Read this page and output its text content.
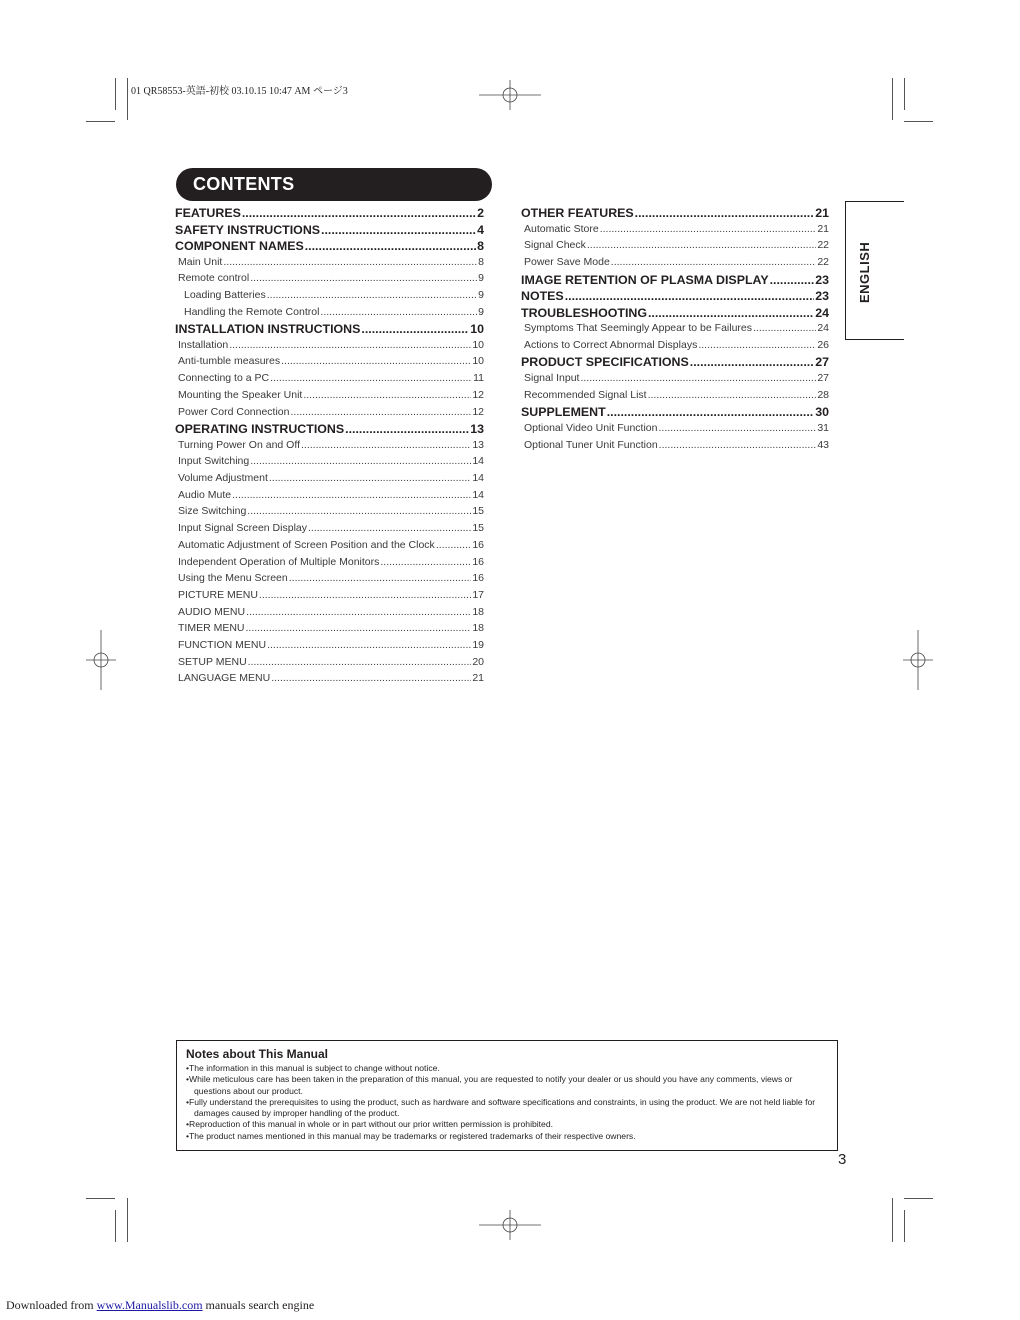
01 QR58553-英語-初校 03.10.15 10:47 AM ページ3
CONTENTS
FEATURES .....	2
SAFETY INSTRUCTIONS .....	4
COMPONENT NAMES .....	8
Main Unit .....	8
Remote control .....	9
Loading Batteries .....	9
Handling the Remote Control .....	9
INSTALLATION INSTRUCTIONS .....	10
Installation .....	10
Anti-tumble measures .....	10
Connecting to a PC .....	11
Mounting the Speaker Unit .....	12
Power Cord Connection .....	12
OPERATING INSTRUCTIONS .....	13
Turning Power On and Off .....	13
Input Switching .....	14
Volume Adjustment .....	14
Audio Mute .....	14
Size Switching .....	15
Input Signal Screen Display .....	15
Automatic Adjustment of Screen Position and the Clock .....	16
Independent Operation of Multiple Monitors .....	16
Using the Menu Screen .....	16
PICTURE MENU .....	17
AUDIO MENU .....	18
TIMER MENU .....	18
FUNCTION MENU .....	19
SETUP MENU .....	20
LANGUAGE MENU .....	21
OTHER FEATURES .....	21
Automatic Store .....	21
Signal Check .....	22
Power Save Mode .....	22
IMAGE RETENTION OF PLASMA DISPLAY .....	23
NOTES .....	23
TROUBLESHOOTING .....	24
Symptoms That Seemingly Appear to be Failures .....	24
Actions to Correct Abnormal Displays .....	26
PRODUCT SPECIFICATIONS .....	27
Signal Input .....	27
Recommended Signal List .....	28
SUPPLEMENT .....	30
Optional Video Unit Function .....	31
Optional Tuner Unit Function .....	43
ENGLISH
Notes about This Manual
• The information in this manual is subject to change without notice.
• While meticulous care has been taken in the preparation of this manual, you are requested to notify your dealer or us should you have any comments, views or questions about our product.
• Fully understand the prerequisites to using the product, such as hardware and software specifications and constraints, in using the product. We are not held liable for damages caused by improper handling of the product.
• Reproduction of this manual in whole or in part without our prior written permission is prohibited.
• The product names mentioned in this manual may be trademarks or registered trademarks of their respective owners.
3
Downloaded from www.Manualslib.com manuals search engine
